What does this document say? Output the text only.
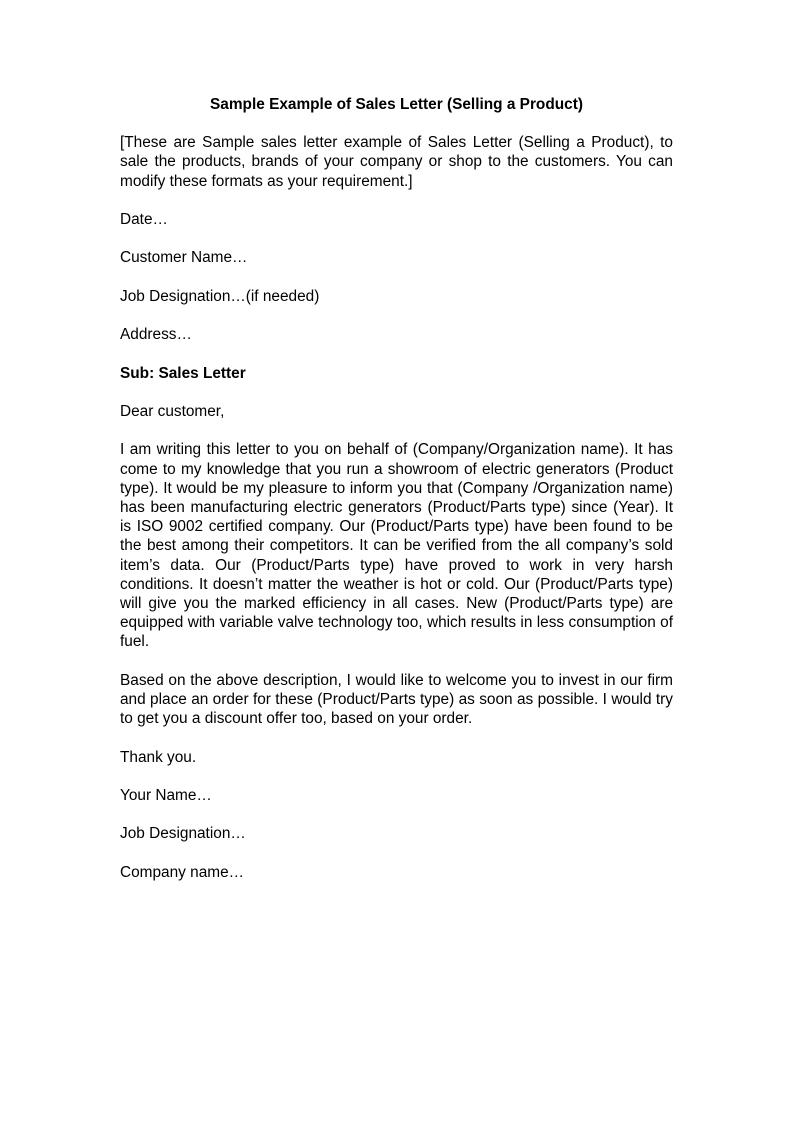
Sample Example of Sales Letter (Selling a Product)
[These are Sample sales letter example of Sales Letter (Selling a Product), to sale the products, brands of your company or shop to the customers. You can modify these formats as your requirement.]
Date…
Customer Name…
Job Designation…(if needed)
Address…
Sub: Sales Letter
Dear customer,
I am writing this letter to you on behalf of (Company/Organization name). It has come to my knowledge that you run a showroom of electric generators (Product type). It would be my pleasure to inform you that (Company /Organization name) has been manufacturing electric generators (Product/Parts type) since (Year). It is ISO 9002 certified company. Our (Product/Parts type) have been found to be the best among their competitors. It can be verified from the all company’s sold item’s data. Our (Product/Parts type) have proved to work in very harsh conditions. It doesn’t matter the weather is hot or cold. Our (Product/Parts type) will give you the marked efficiency in all cases. New (Product/Parts type) are equipped with variable valve technology too, which results in less consumption of fuel.
Based on the above description, I would like to welcome you to invest in our firm and place an order for these (Product/Parts type) as soon as possible. I would try to get you a discount offer too, based on your order.
Thank you.
Your Name…
Job Designation…
Company name…
